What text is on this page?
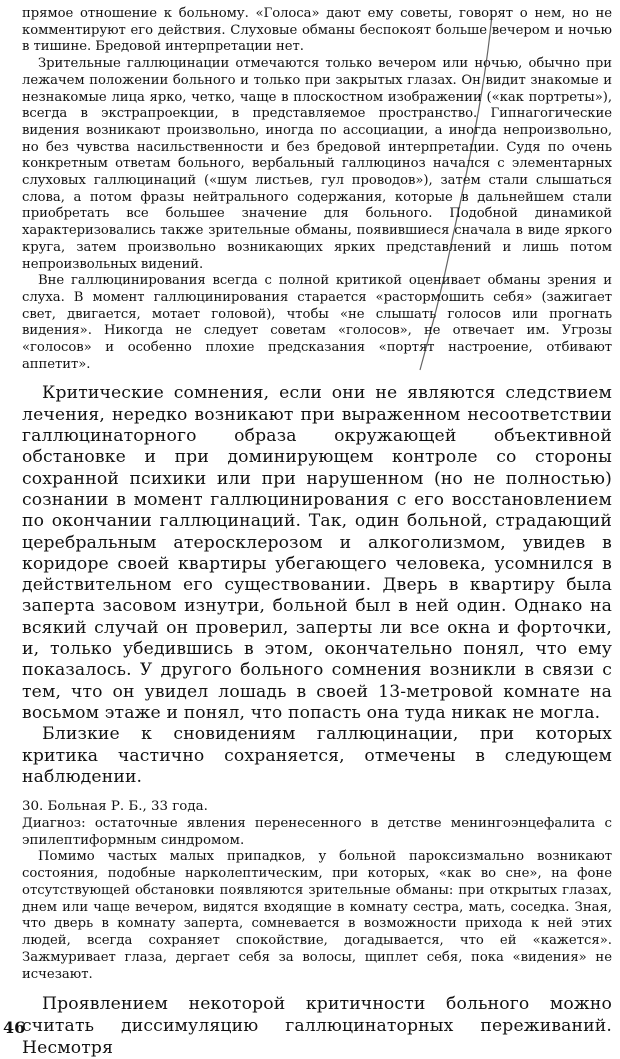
прямое отношение к больному. «Голоса» дают ему советы, говорят о нем, но не комментируют его действия. Слуховые обманы беспокоят больше вечером и ночью в тишине. Бредовой интерпретации нет.

Зрительные галлюцинации отмечаются только вечером или ночью, обычно при лежачем положении больного и только при закрытых глазах. Он видит знакомые и незнакомые лица ярко, четко, чаще в плоскостном изображении («как портреты»), всегда в экстрапроекции, в представляемое пространство. Гипнагогические видения возникают произвольно, иногда по ассоциации, а иногда непроизвольно, но без чувства насильственности и без бредовой интерпретации. Судя по очень конкретным ответам больного, вербальный галлюциноз начался с элементарных слуховых галлюцинаций («шум листьев, гул проводов»), затем стали слышаться слова, а потом фразы нейтрального содержания, которые в дальнейшем стали приобретать все большее значение для больного. Подобной динамикой характеризовались также зрительные обманы, появившиеся сначала в виде яркого круга, затем произвольно возникающих ярких представлений и лишь потом непроизвольных видений.

Вне галлюцинирования всегда с полной критикой оценивает обманы зрения и слуха. В момент галлюцинирования старается «растормошить себя» (зажигает свет, двигается, мотает головой), чтобы «не слышать голосов или прогнать видения». Никогда не следует советам «голосов», не отвечает им. Угрозы «голосов» и особенно плохие предсказания «портят настроение, отбивают аппетит».

Критические сомнения, если они не являются следствием лечения, нередко возникают при выраженном несоответствии галлюцинаторного образа окружающей объективной обстановке и при доминирующем контроле со стороны сохранной психики или при нарушенном (но не полностью) сознании в момент галлюцинирования с его восстановлением по окончании галлюцинаций. Так, один больной, страдающий церебральным атеросклерозом и алкоголизмом, увидев в коридоре своей квартиры убегающего человека, усомнился в действительном его существовании. Дверь в квартиру была заперта засовом изнутри, больной был в ней один. Однако на всякий случай он проверил, заперты ли все окна и форточки, и, только убедившись в этом, окончательно понял, что ему показалось. У другого больного сомнения возникли в связи с тем, что он увидел лошадь в своей 13-метровой комнате на восьмом этаже и понял, что попасть она туда никак не могла.

Близкие к сновидениям галлюцинации, при которых критика частично сохраняется, отмечены в следующем наблюдении.

30. Больная Р. Б., 33 года.

Диагноз: остаточные явления перенесенного в детстве менингоэнцефалита с эпилептиформным синдромом.

Помимо частых малых припадков, у больной пароксизмально возникают состояния, подобные нарколептическим, при которых, «как во сне», на фоне отсутствующей обстановки появляются зрительные обманы: при открытых глазах, днем или чаще вечером, видятся входящие в комнату сестра, мать, соседка. Зная, что дверь в комнату заперта, сомневается в возможности прихода к ней этих людей, всегда сохраняет спокойствие, догадывается, что ей «кажется». Зажмуривает глаза, дергает себя за волосы, щиплет себя, пока «видения» не исчезают.

Проявлением некоторой критичности больного можно считать диссимуляцию галлюцинаторных переживаний. Несмотря

46
